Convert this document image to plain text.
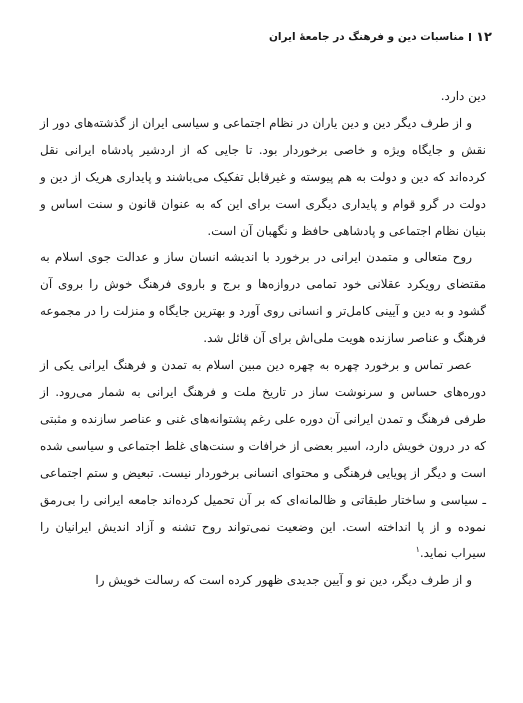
۱۲
مناسبات دین و فرهنگ در جامعهٔ ایران

دین دارد.

و از طرف دیگر دین و دین یاران در نظام اجتماعی و سیاسی ایران از گذشته‌های دور از نقش و جایگاه ویژه و خاصی برخوردار بود. تا جایی که از اردشیر پادشاه ایرانی نقل کرده‌اند که دین و دولت به هم پیوسته و غیرقابل تفکیک می‌باشند و پایداری هریک از دین و دولت در گرو قوام و پایداری دیگری است برای این که به عنوان قانون و سنت اساس و بنیان نظام اجتماعی و پادشاهی حافظ و نگهبان آن است.

روح متعالی و متمدن ایرانی در برخورد با اندیشه انسان ساز و عدالت جوی اسلام به مقتضای رویکرد عقلانی خود تمامی دروازه‌ها و برج و باروی فرهنگ خوش را بروی آن گشود و به دین و آیینی کامل‌تر و انسانی روی آورد و بهترین جایگاه و منزلت را در مجموعه فرهنگ و عناصر سازنده هویت ملی‌اش برای آن قائل شد.

عصر تماس و برخورد چهره به چهره دین مبین اسلام به تمدن و فرهنگ ایرانی یکی از دوره‌های حساس و سرنوشت ساز در تاریخ ملت و فرهنگ ایرانی به شمار می‌رود. از طرفی فرهنگ و تمدن ایرانی آن دوره علی رغم پشتوانه‌های غنی و عناصر سازنده و مثبتی که در درون خویش دارد، اسیر بعضی از خرافات و سنت‌های غلط اجتماعی و سیاسی شده است و دیگر از پویایی فرهنگی و محتوای انسانی برخوردار نیست. تبعیض و ستم اجتماعی ـ سیاسی و ساختار طبقاتی و ظالمانه‌ای که بر آن تحمیل کرده‌اند جامعه ایرانی را بی‌رمق نموده و از پا انداخته است. این وضعیت نمی‌تواند روح تشنه و آزاد اندیش ایرانیان را سیراب نماید.$^۱$

و از طرف دیگر، دین نو و آیین جدیدی ظهور کرده است که رسالت خویش را
